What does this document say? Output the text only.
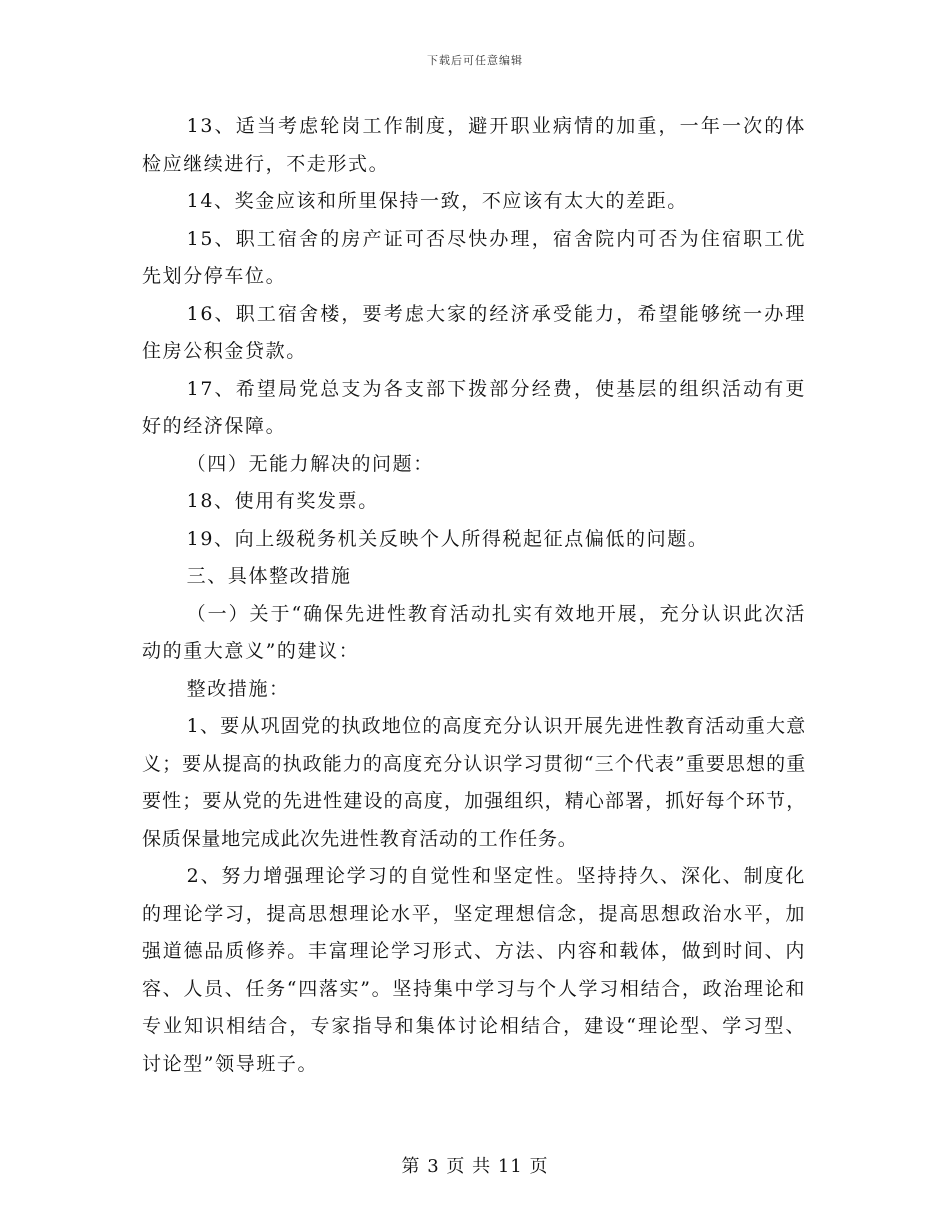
下载后可任意编辑

13、适当考虑轮岗工作制度，避开职业病情的加重，一年一次的体检应继续进行，不走形式。

14、奖金应该和所里保持一致，不应该有太大的差距。

15、职工宿舍的房产证可否尽快办理，宿舍院内可否为住宿职工优先划分停车位。

16、职工宿舍楼，要考虑大家的经济承受能力，希望能够统一办理住房公积金贷款。

17、希望局党总支为各支部下拨部分经费，使基层的组织活动有更好的经济保障。

（四）无能力解决的问题：

18、使用有奖发票。

19、向上级税务机关反映个人所得税起征点偏低的问题。

三、具体整改措施

（一）关于“确保先进性教育活动扎实有效地开展，充分认识此次活动的重大意义”的建议：

整改措施：

1、要从巩固党的执政地位的高度充分认识开展先进性教育活动重大意义；要从提高的执政能力的高度充分认识学习贯彻“三个代表”重要思想的重要性；要从党的先进性建设的高度，加强组织，精心部署，抓好每个环节，保质保量地完成此次先进性教育活动的工作任务。

2、努力增强理论学习的自觉性和坚定性。坚持持久、深化、制度化的理论学习，提高思想理论水平，坚定理想信念，提高思想政治水平，加强道德品质修养。丰富理论学习形式、方法、内容和载体，做到时间、内容、人员、任务“四落实”。坚持集中学习与个人学习相结合，政治理论和专业知识相结合，专家指导和集体讨论相结合，建设“理论型、学习型、讨论型”领导班子。

第 3 页 共 11 页
